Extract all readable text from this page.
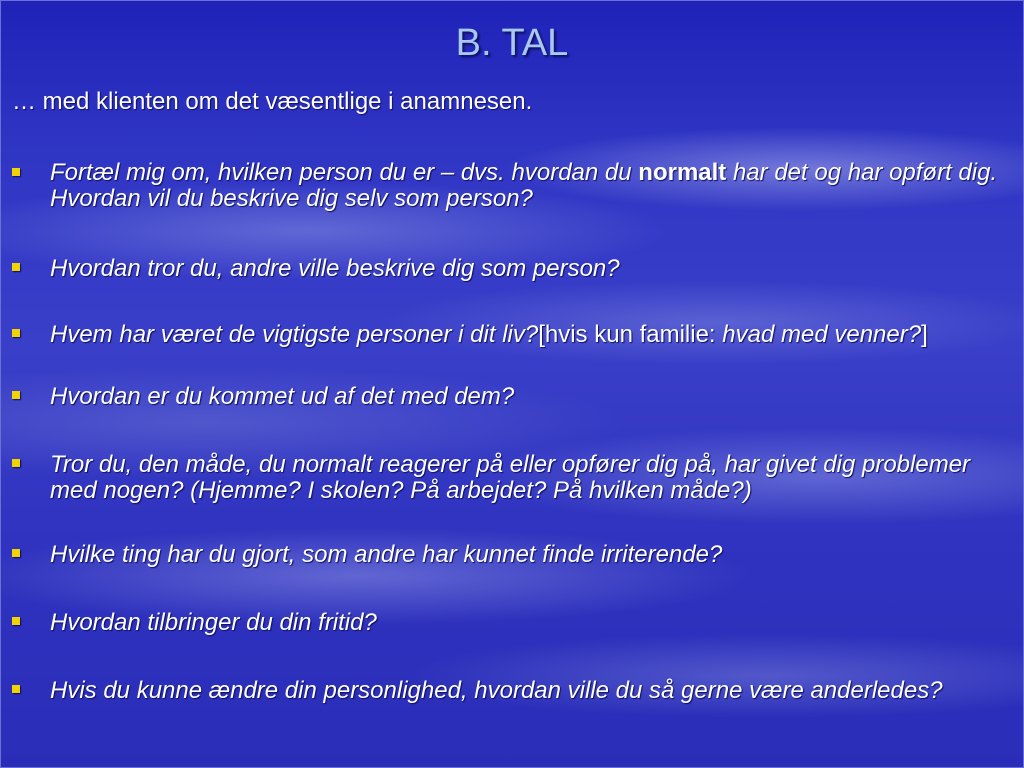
B. TAL
… med klienten om det væsentlige i anamnesen.
Fortæl mig om, hvilken person du er – dvs. hvordan du normalt har det og har opført dig. Hvordan vil du beskrive dig selv som person?
Hvordan tror du, andre ville beskrive dig som person?
Hvem har været de vigtigste personer i dit liv?[hvis kun familie: hvad med venner?]
Hvordan er du kommet ud af det med dem?
Tror du, den måde, du normalt reagerer på eller opfører dig på, har givet dig problemer med nogen? (Hjemme? I skolen? På arbejdet? På hvilken måde?)
Hvilke ting har du gjort, som andre har kunnet finde irriterende?
Hvordan tilbringer du din fritid?
Hvis du kunne ændre din personlighed, hvordan ville du så gerne være anderledes?
